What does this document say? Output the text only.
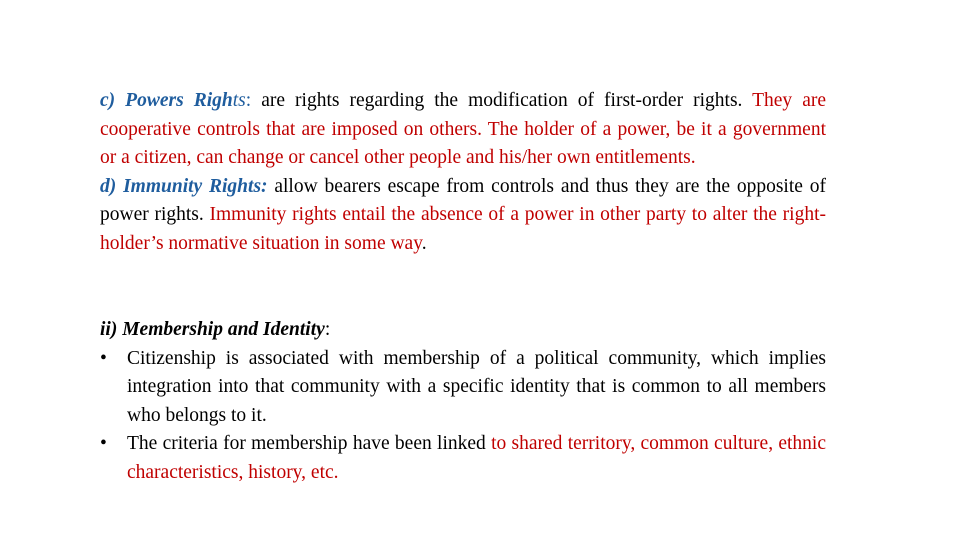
c) Powers Rights: are rights regarding the modification of first-order rights. They are cooperative controls that are imposed on others. The holder of a power, be it a government or a citizen, can change or cancel other people and his/her own entitlements.

d) Immunity Rights: allow bearers escape from controls and thus they are the opposite of power rights. Immunity rights entail the absence of a power in other party to alter the right-holder’s normative situation in some way.

ii) Membership and Identity:

• Citizenship is associated with membership of a political community, which implies integration into that community with a specific identity that is common to all members who belongs to it.

• The criteria for membership have been linked to shared territory, common culture, ethnic characteristics, history, etc.
